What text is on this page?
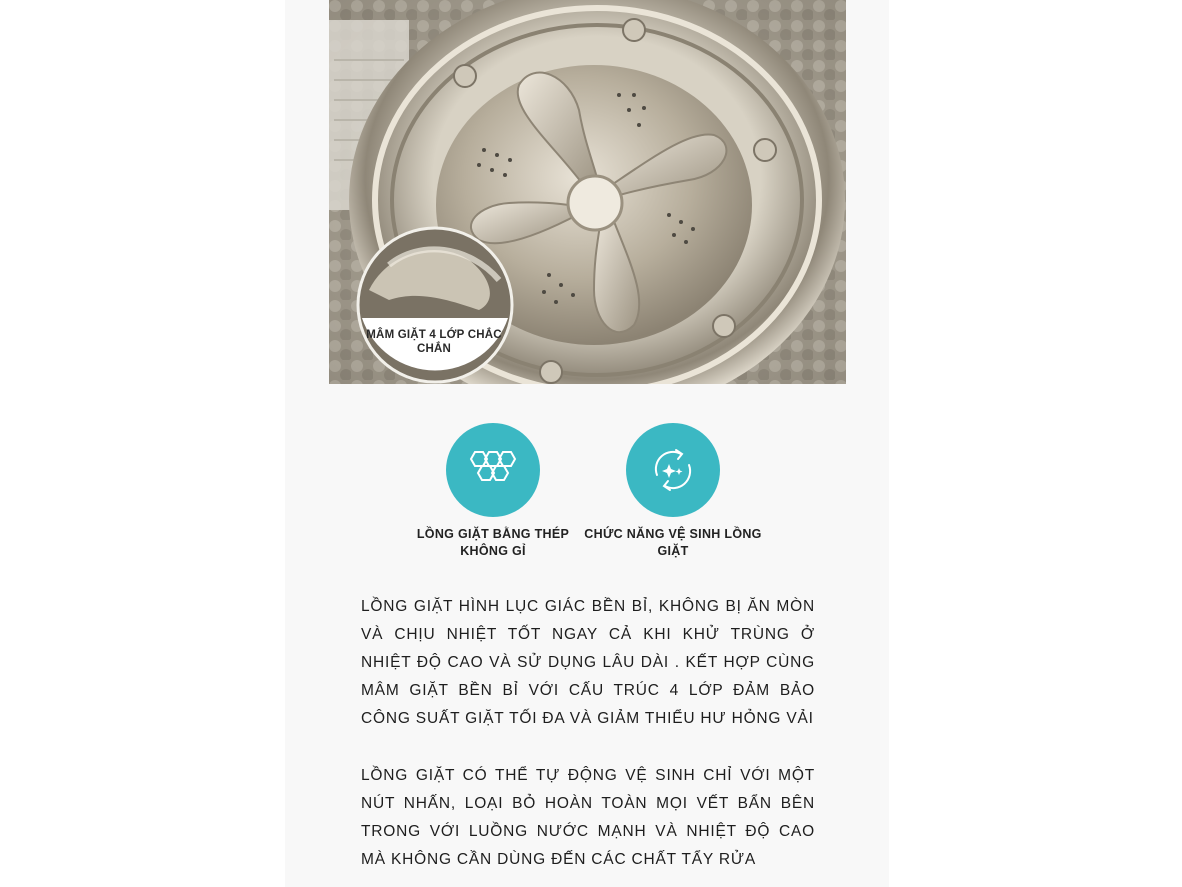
MÂM GIẶT 4 LỚP CHẮC CHẮN
LỒNG GIẶT BẰNG THÉP KHÔNG GỈ
CHỨC NĂNG VỆ SINH LỒNG GIẶT
LỒNG GIẶT HÌNH LỤC GIÁC BỀN BỈ, KHÔNG BỊ ĂN MÒN VÀ CHỊU NHIỆT TỐT NGAY CẢ KHI KHỬ TRÙNG Ở NHIỆT ĐỘ CAO VÀ SỬ DỤNG LÂU DÀI . KẾT HỢP CÙNG MÂM GIẶT BỀN BỈ VỚI CẤU TRÚC 4 LỚP ĐẢM BẢO CÔNG SUẤT GIẶT TỐI ĐA VÀ GIẢM THIỂU HƯ HỎNG VẢI
LỒNG GIẶT CÓ THỂ TỰ ĐỘNG VỆ SINH CHỈ VỚI MỘT NÚT NHẤN, LOẠI BỎ HOÀN TOÀN MỌI VẾT BẨN BÊN TRONG VỚI LUỒNG NƯỚC MẠNH VÀ NHIỆT ĐỘ CAO MÀ KHÔNG CẦN DÙNG ĐẾN CÁC CHẤT TẨY RỬA
